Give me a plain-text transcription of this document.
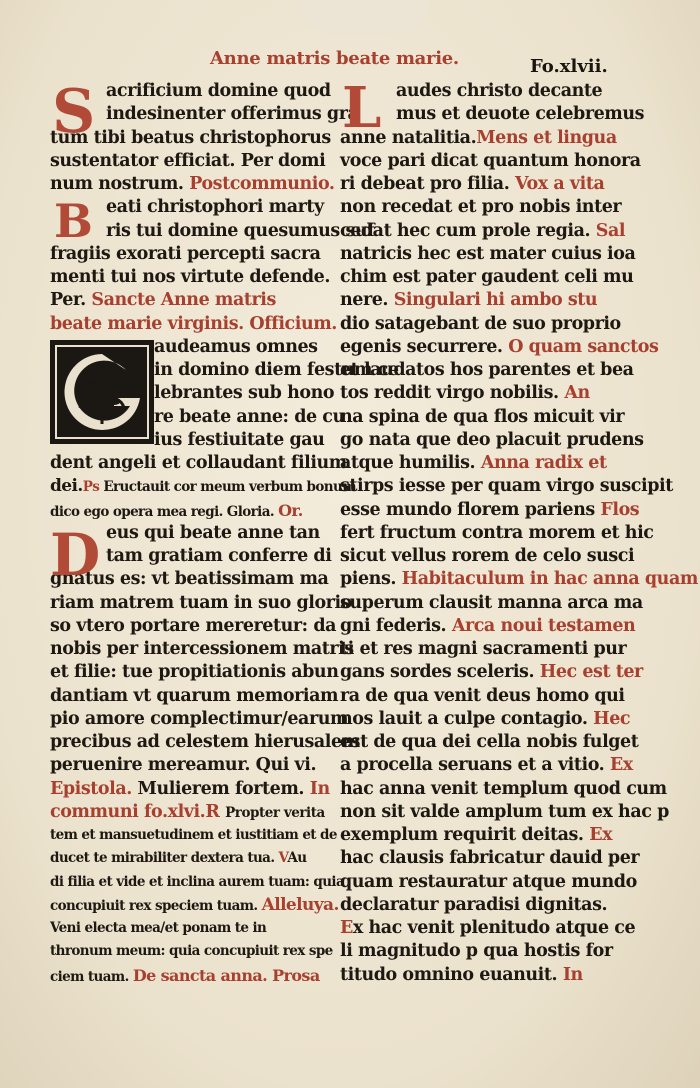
Anne matris beate marie.	Fo.xlvii.
S acrificium domine quod
indesinenter offerimus gra
tum tibi beatus christophorus
sustentator efficiat. Per domi
num nostrum. Postcommunio.
B eati christophori marty
ris tui domine quesumus suf
fragiis exorati percepti sacra
menti tui nos virtute defende.
Per. Sancte Anne matris
beate marie virginis. Officium.
audeamus omnes
in domino diem festum ce
lebrantes sub hono
re beate anne: de cu
ius festiuitate gau
dent angeli et collaudant filium
dei.Ps Eructauit cor meum verbum bonum
dico ego opera mea regi. Gloria. Or.
D eus qui beate anne tan
tam gratiam conferre di
gnatus es: vt beatissimam ma
riam matrem tuam in suo glorio
so vtero portare mereretur: da
nobis per intercessionem matris
et filie: tue propitiationis abun
dantiam vt quarum memoriam
pio amore complectimur/earum
precibus ad celestem hierusalem
peruenire mereamur. Qui vi.
Epistola. Mulierem fortem. In
communi fo.xlvi.R Propter verita
tem et mansuetudinem et iustitiam et de
ducet te mirabiliter dextera tua. VAu
di filia et vide et inclina aurem tuam: quia
concupiuit rex speciem tuam. Alleluya.
Veni electa mea/et ponam te in
thronum meum: quia concupiuit rex spe
ciem tuam. De sancta anna. Prosa
L audes christo decante
mus et deuote celebremus
anne natalitia.Mens et lingua
voce pari dicat quantum honora
ri debeat pro filia. Vox a vita
non recedat et pro nobis inter
cedat hec cum prole regia. Sal
natricis hec est mater cuius ioa
chim est pater gaudent celi mu
nere. Singulari hi ambo stu
dio satagebant de suo proprio
egenis securrere. O quam sanctos
et laudatos hos parentes et bea
tos reddit virgo nobilis. An
na spina de qua flos micuit vir
go nata que deo placuit prudens
atque humilis. Anna radix et
stirps iesse per quam virgo suscipit
esse mundo florem pariens Flos
fert fructum contra morem et hic
sicut vellus rorem de celo susci
piens. Habitaculum in hac anna quam
superum clausit manna arca ma
gni federis. Arca noui testamen
ti et res magni sacramenti pur
gans sordes sceleris. Hec est ter
ra de qua venit deus homo qui
nos lauit a culpe contagio. Hec
est de qua dei cella nobis fulget
a procella seruans et a vitio. Ex
hac anna venit templum quod cum
non sit valde amplum tum ex hac p
exemplum requirit deitas. Ex
hac clausis fabricatur dauid per
quam restauratur atque mundo
declaratur paradisi dignitas.
Ex hac venit plenitudo atque ce
li magnitudo p qua hostis for
titudo omnino euanuit. In
